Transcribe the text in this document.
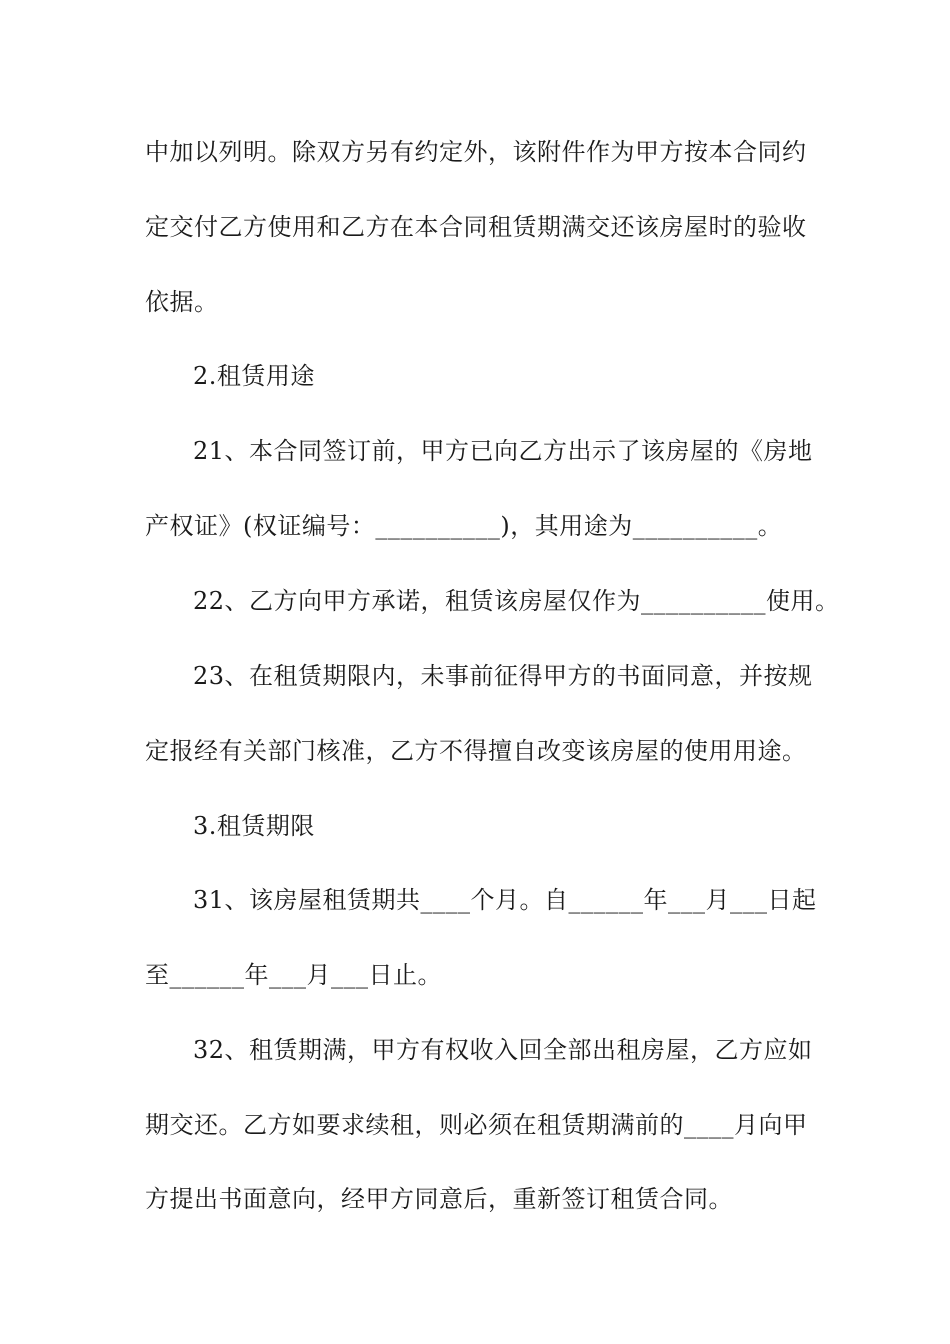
中加以列明。除双方另有约定外，该附件作为甲方按本合同约
定交付乙方使用和乙方在本合同租赁期满交还该房屋时的验收
依据。
2.租赁用途
21、本合同签订前，甲方已向乙方出示了该房屋的《房地
产权证》(权证编号：__________)，其用途为__________。
22、乙方向甲方承诺，租赁该房屋仅作为__________使用。
23、在租赁期限内，未事前征得甲方的书面同意，并按规
定报经有关部门核准，乙方不得擅自改变该房屋的使用用途。
3.租赁期限
31、该房屋租赁期共____个月。自______年___月___日起
至______年___月___日止。
32、租赁期满，甲方有权收入回全部出租房屋，乙方应如
期交还。乙方如要求续租，则必须在租赁期满前的____月向甲
方提出书面意向，经甲方同意后，重新签订租赁合同。
